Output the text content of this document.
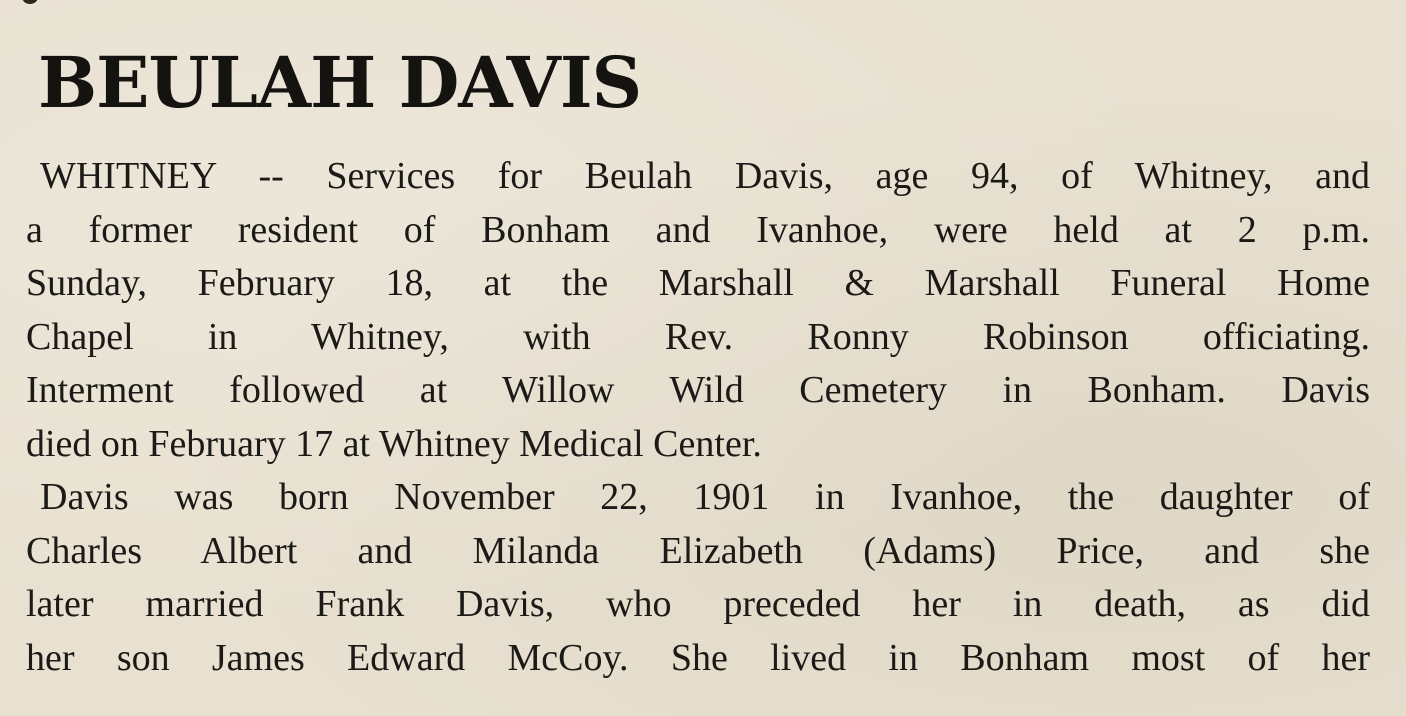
BEULAH DAVIS
WHITNEY -- Services for Beulah Davis, age 94, of Whitney, and
a former resident of Bonham and Ivanhoe, were held at 2 p.m.
Sunday, February 18, at the Marshall & Marshall Funeral Home
Chapel in Whitney, with Rev. Ronny Robinson officiating.
Interment followed at Willow Wild Cemetery in Bonham. Davis
died on February 17 at Whitney Medical Center.
Davis was born November 22, 1901 in Ivanhoe, the daughter of
Charles Albert and Milanda Elizabeth (Adams) Price, and she
later married Frank Davis, who preceded her in death, as did
her son James Edward McCoy. She lived in Bonham most of her
